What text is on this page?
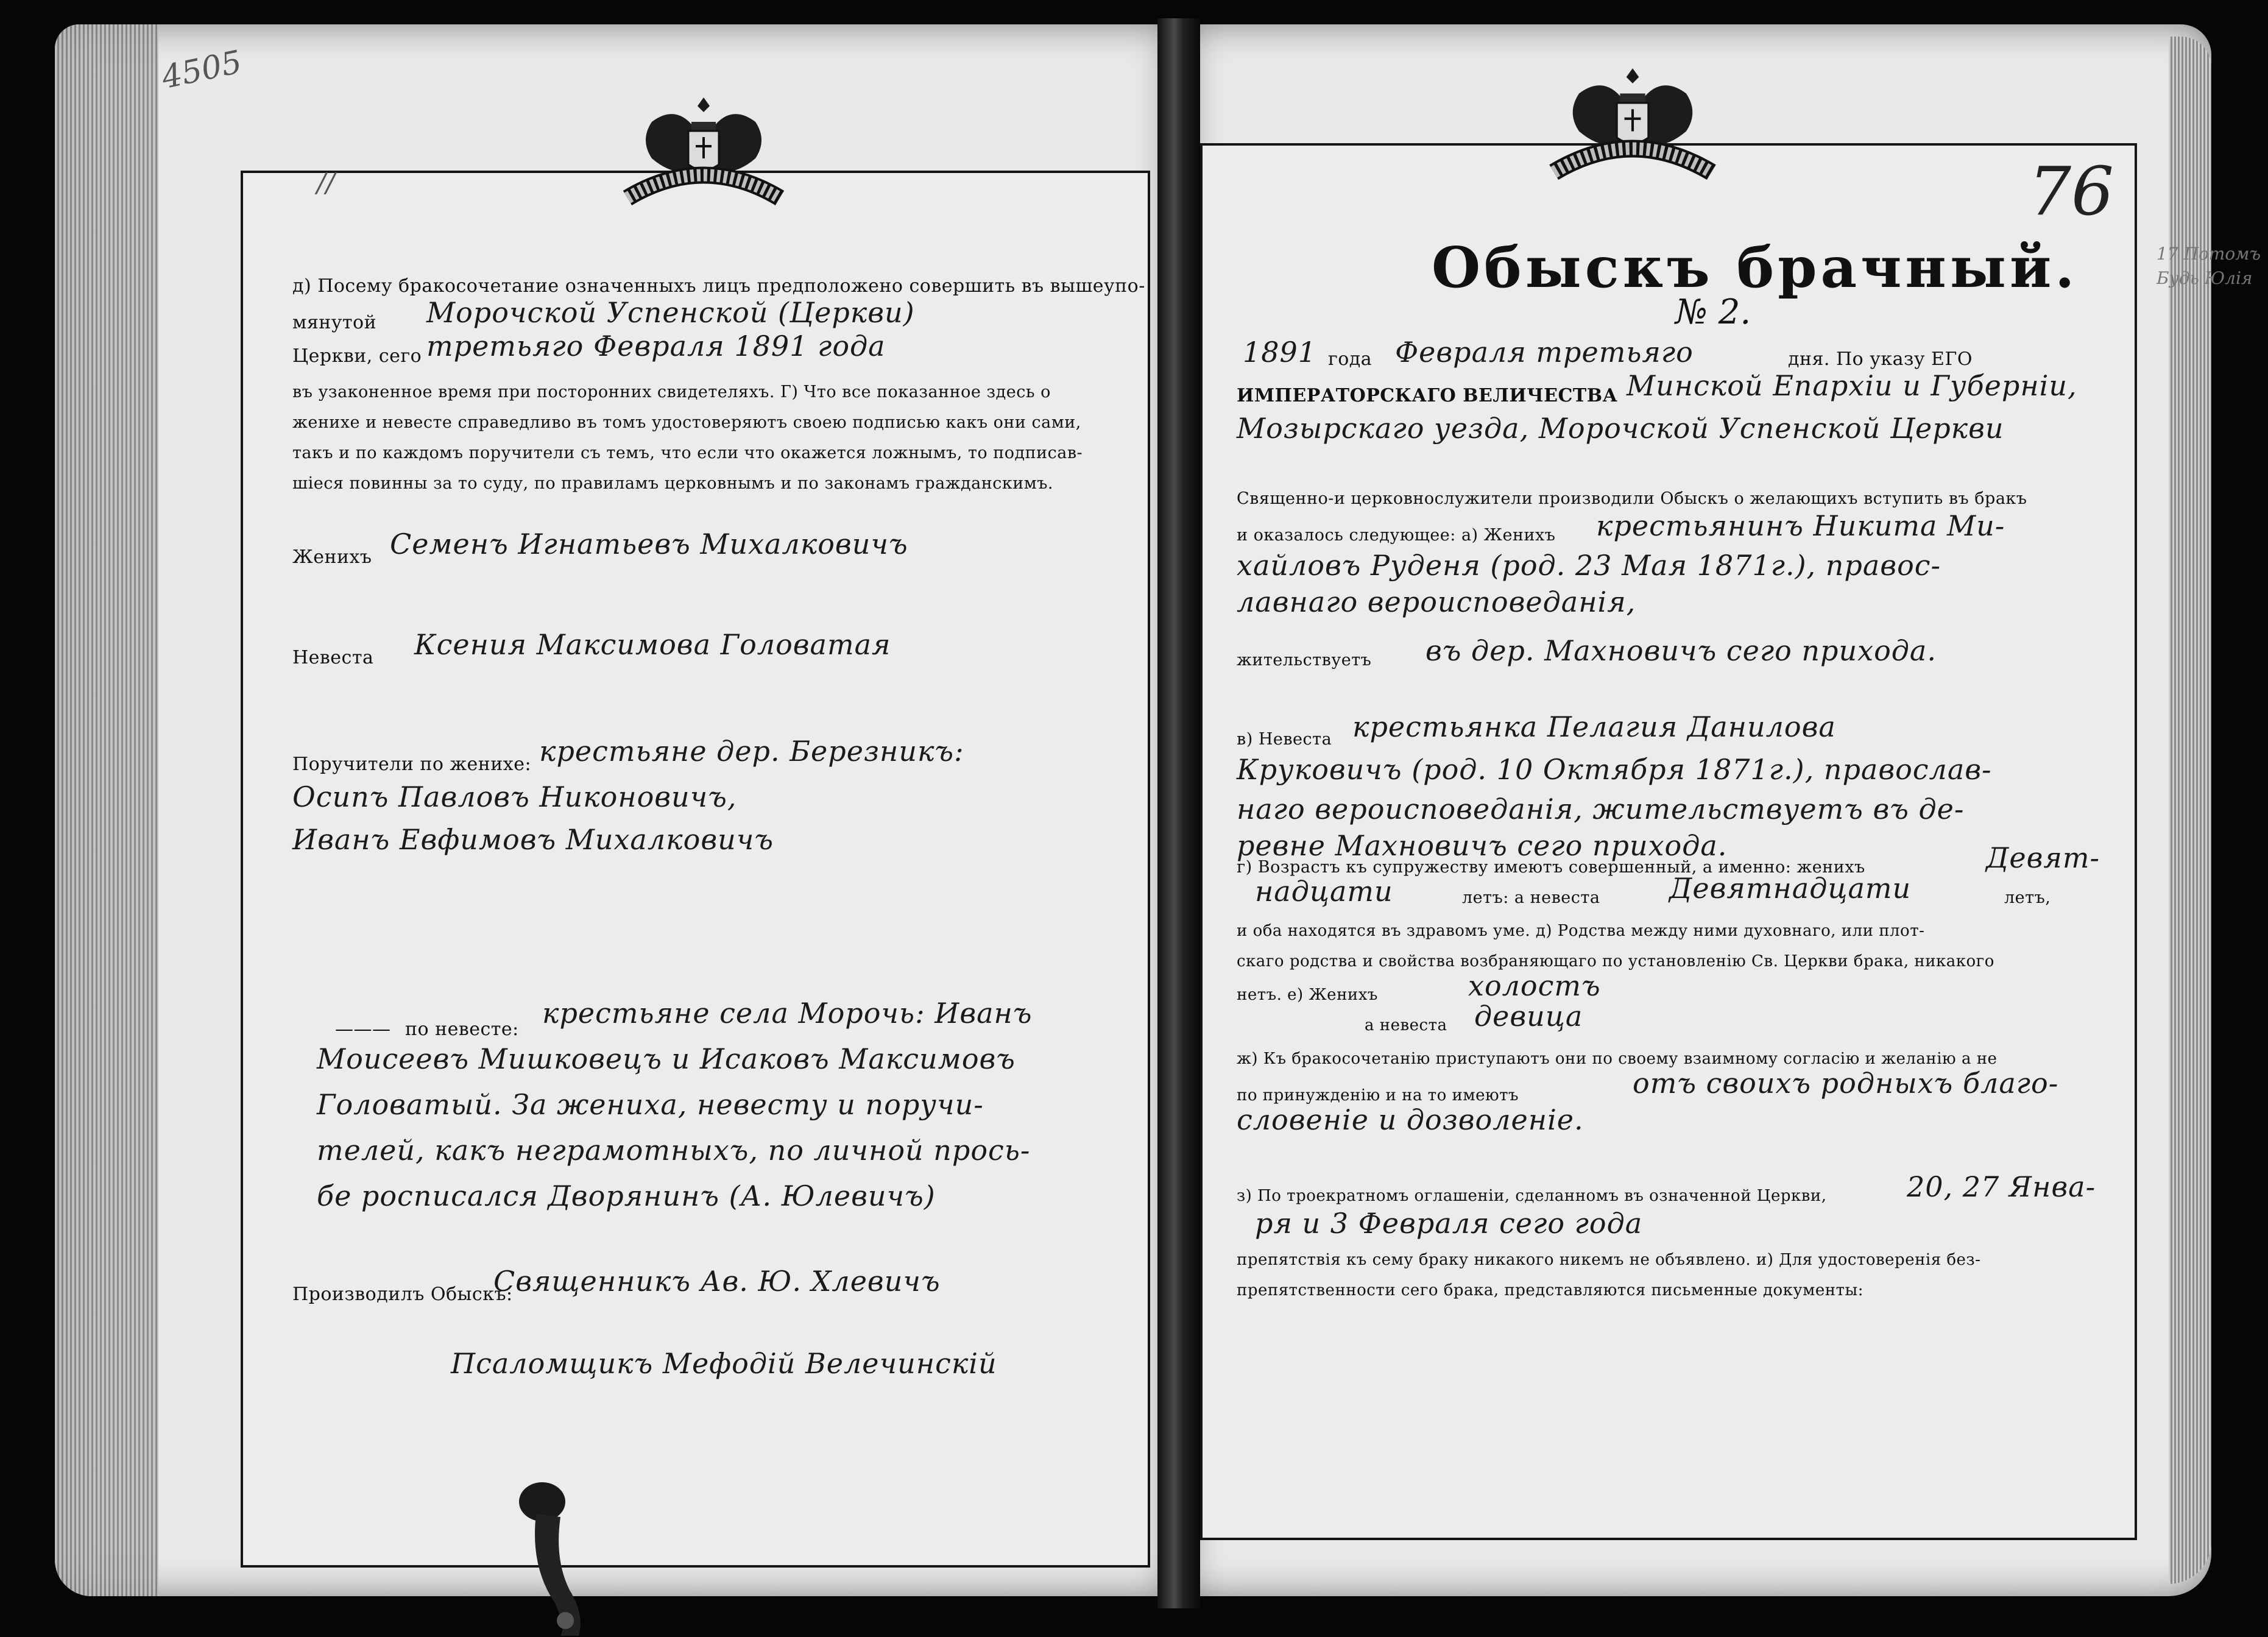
4505
//
д) Посему бракосочетание означенныхъ лицъ предположено совершить въ вышеупо-
мянутой Морочской Успенской (Церкви)
Церкви, сего третьяго Февраля 1891 года
въ узаконенное время при посторонних свидетеляхъ. Г) Что все показанное здесь о
женихе и невесте справедливо въ томъ удостоверяютъ своею подписью какъ они сами,
такъ и по каждомъ поручители съ темъ, что если что окажется ложнымъ, то подписав-
шiеся повинны за то суду, по правиламъ церковнымъ и по законамъ гражданскимъ.
Женихъ Семенъ Игнатьевъ Михалковичъ
Невеста Ксения Максимова Головатая
Поручители по женихе: крестьяне дер. Березникъ:
Осипъ Павловъ Никоновичъ,
Иванъ Евфимовъ Михалковичъ
——— по невесте: крестьяне села Морочь: Иванъ
Моисеевъ Мишковецъ и Исаковъ Максимовъ
Головатый. За жениха, невесту и поручи-
телей, какъ неграмотныхъ, по личной прось-
бе росписался Дворянинъ (А. Юлевичъ)
Производилъ Обыскъ:
Священникъ Ав. Ю. Хлевичъ
Псаломщикъ Мефодiй Велечинскiй
76
Обыскъ брачный.
№ 2.
1891 года Февраля третьяго	дня. По указу ЕГО
ИМПЕРАТОРСКАГО ВЕЛИЧЕСТВА Минской Епархiи и Губернiи,
Мозырскаго уезда, Морочской Успенской Церкви
Священно-и церковнослужители производили Обыскъ о желающихъ вступить въ бракъ
и оказалось следующее: а) Женихъ крестьянинъ Никита Ми-
хайловъ Руденя (род. 23 Мая 1871г.), правос-
лавнаго вероисповеданiя,
жительствуетъ въ дер. Махновичъ сего прихода.
в) Невеста крестьянка Пелагия Данилова
Круковичъ (род. 10 Октября 1871г.), православ-
наго вероисповеданiя, жительствуетъ въ де-
ревне Махновичъ сего прихода.
г) Возрастъ къ супружеству имеютъ совершенный, а именно: женихъ	Девят-
надцати	летъ: а невеста Девятнадцати	летъ,
и оба находятся въ здравомъ уме. д) Родства между ними духовнаго, или плот-
скаго родства и свойства возбраняющаго по установленiю Св. Церкви брака, никакого
нетъ. е) Женихъ	холостъ
а невеста девица
ж) Къ бракосочетанiю приступаютъ они по своему взаимному согласiю и желанiю а не
по принужденiю и на то имеютъ	отъ своихъ родныхъ благо-
словенiе и дозволенiе.
з) По троекратномъ оглашенiи, сделанномъ въ означенной Церкви,	20, 27 Янва-
ря и 3 Февраля сего года
препятствiя къ сему браку никакого никемъ не объявлено. и) Для удостоверенiя без-
препятственности сего брака, представляются письменные документы:
17 Потомъ
Будь Юлiя
